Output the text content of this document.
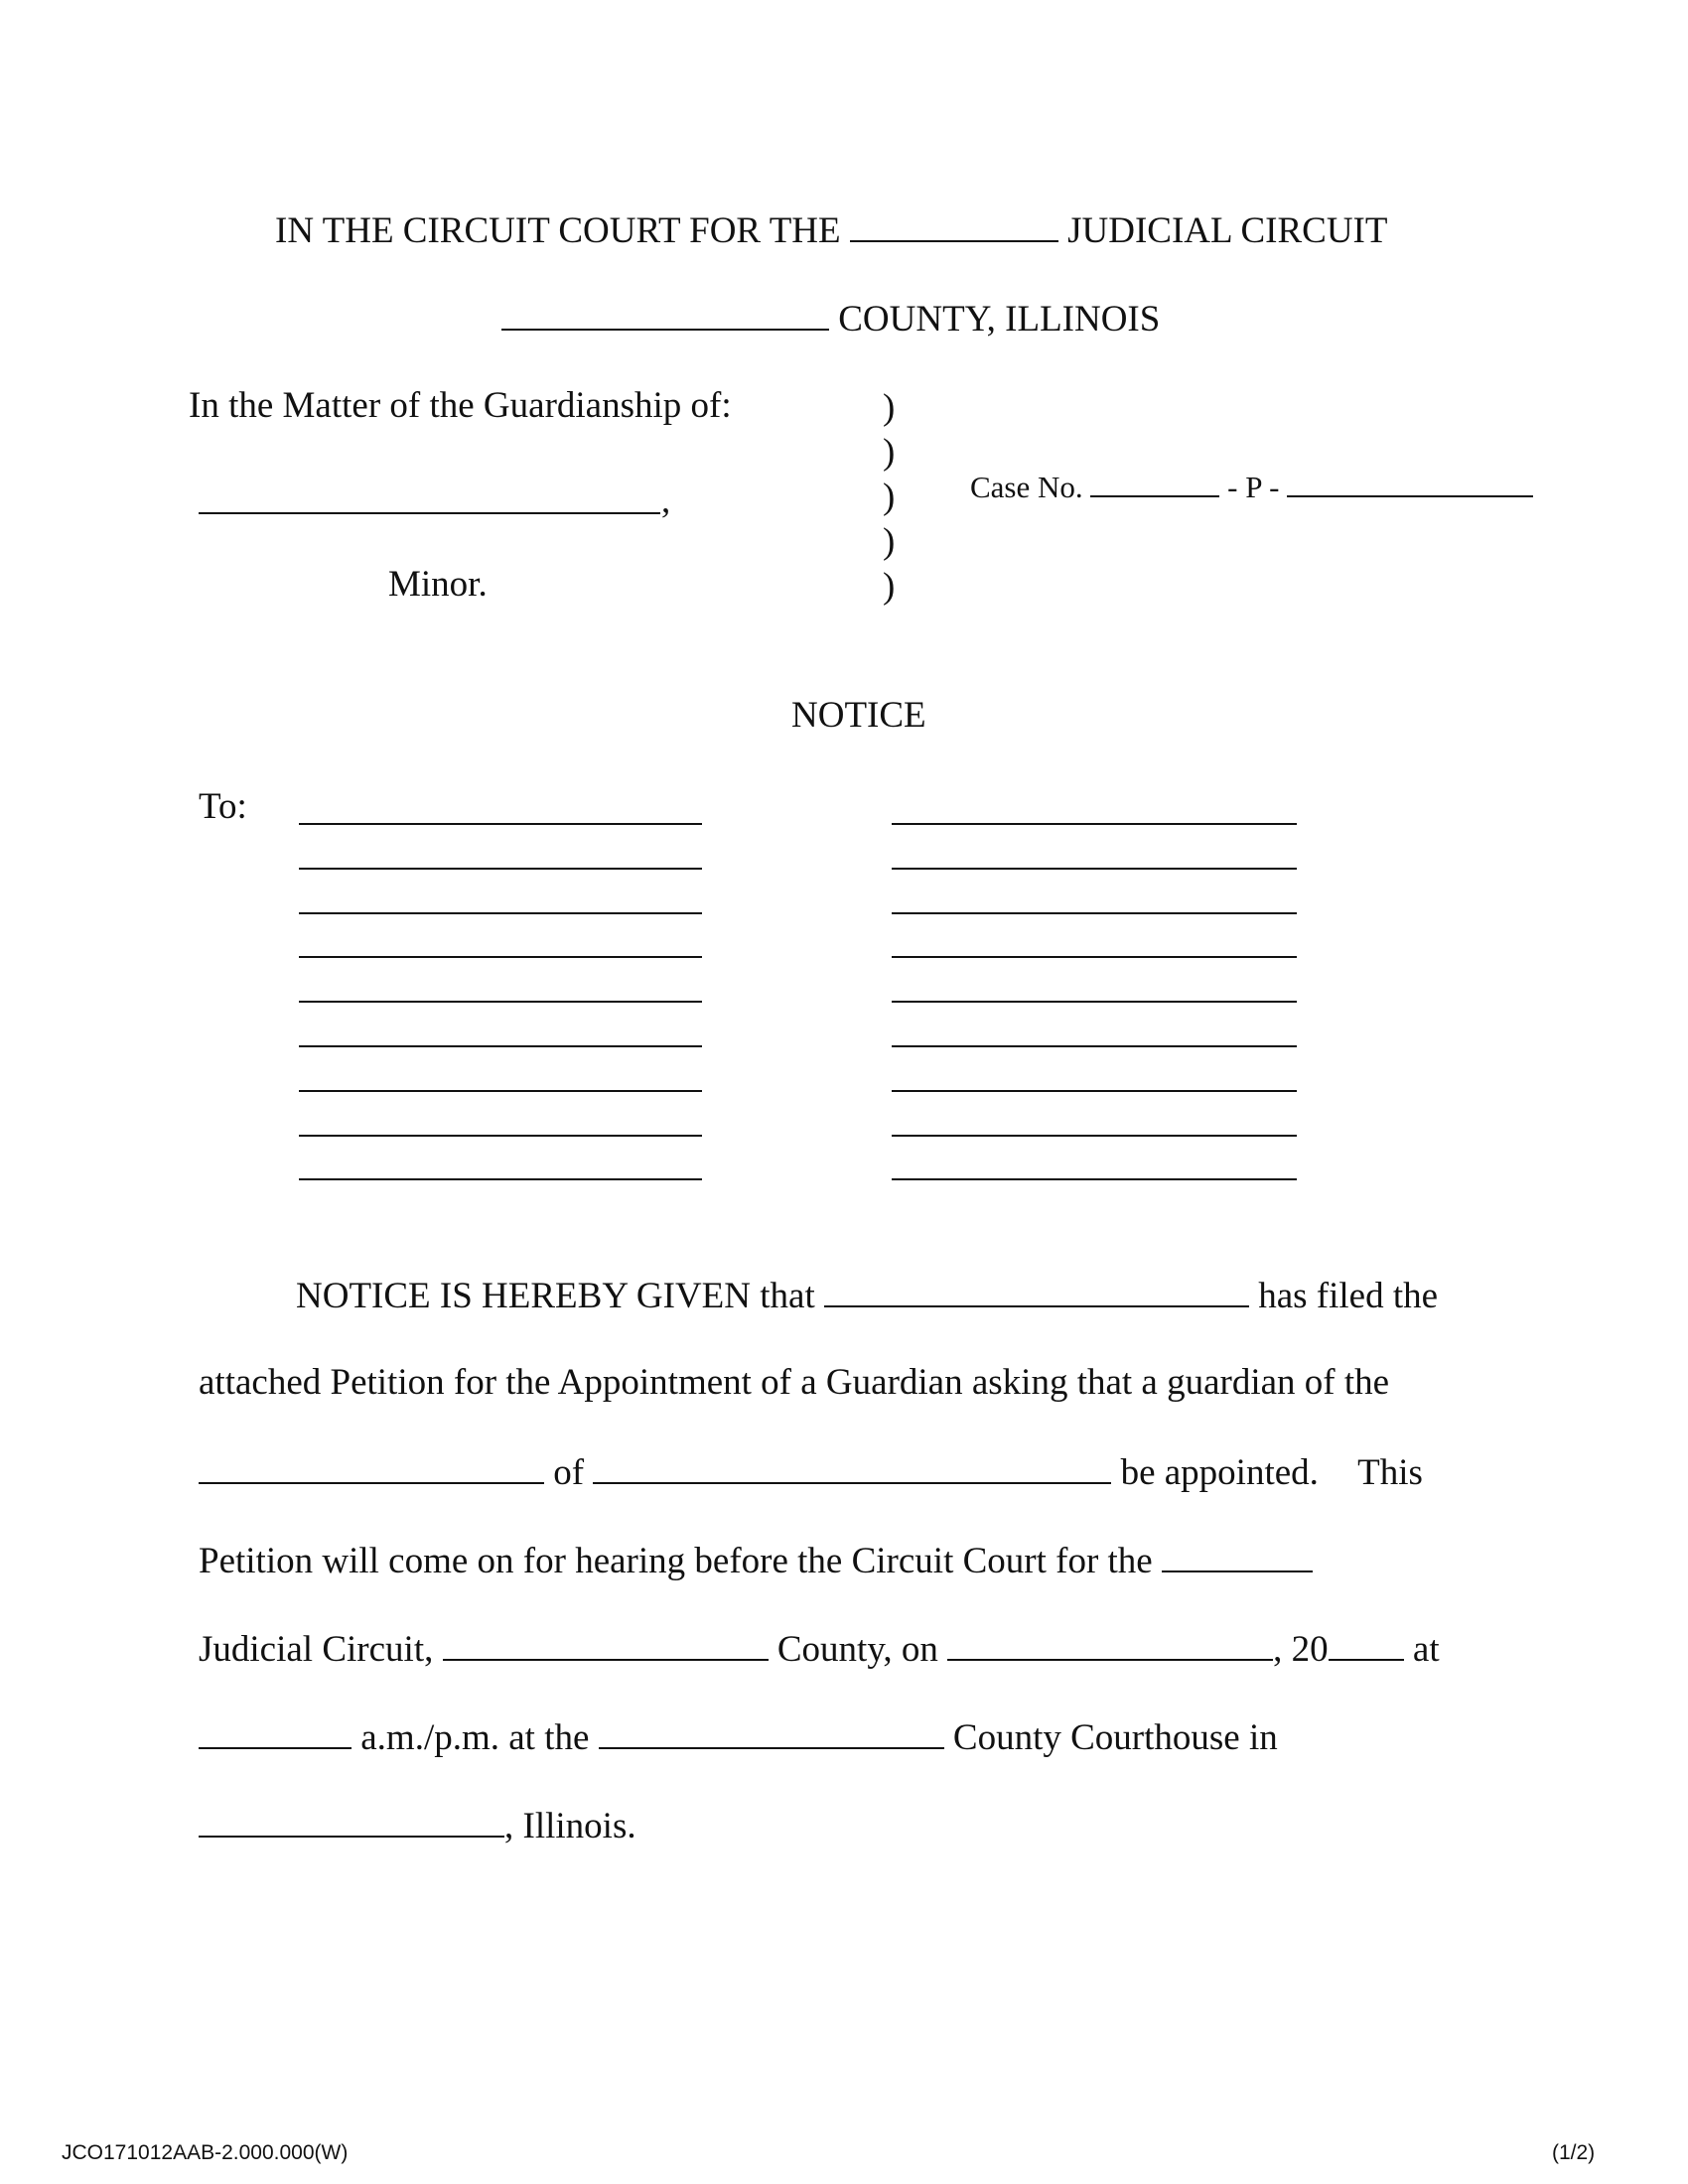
IN THE CIRCUIT COURT FOR THE	JUDICIAL CIRCUIT
COUNTY, ILLINOIS
In the Matter of the Guardianship of:
,
Minor.
)
)
)
)
)
Case No.	- P -
NOTICE
To:
NOTICE IS HEREBY GIVEN that	has filed the
attached Petition for the Appointment of a Guardian asking that a guardian of the
of	be appointed. This
Petition will come on for hearing before the Circuit Court for the
Judicial Circuit,	County, on	, 20 at
a.m./p.m. at the	County Courthouse in
, Illinois.
JCO171012AAB-2.000.000(W)	(1/2)
